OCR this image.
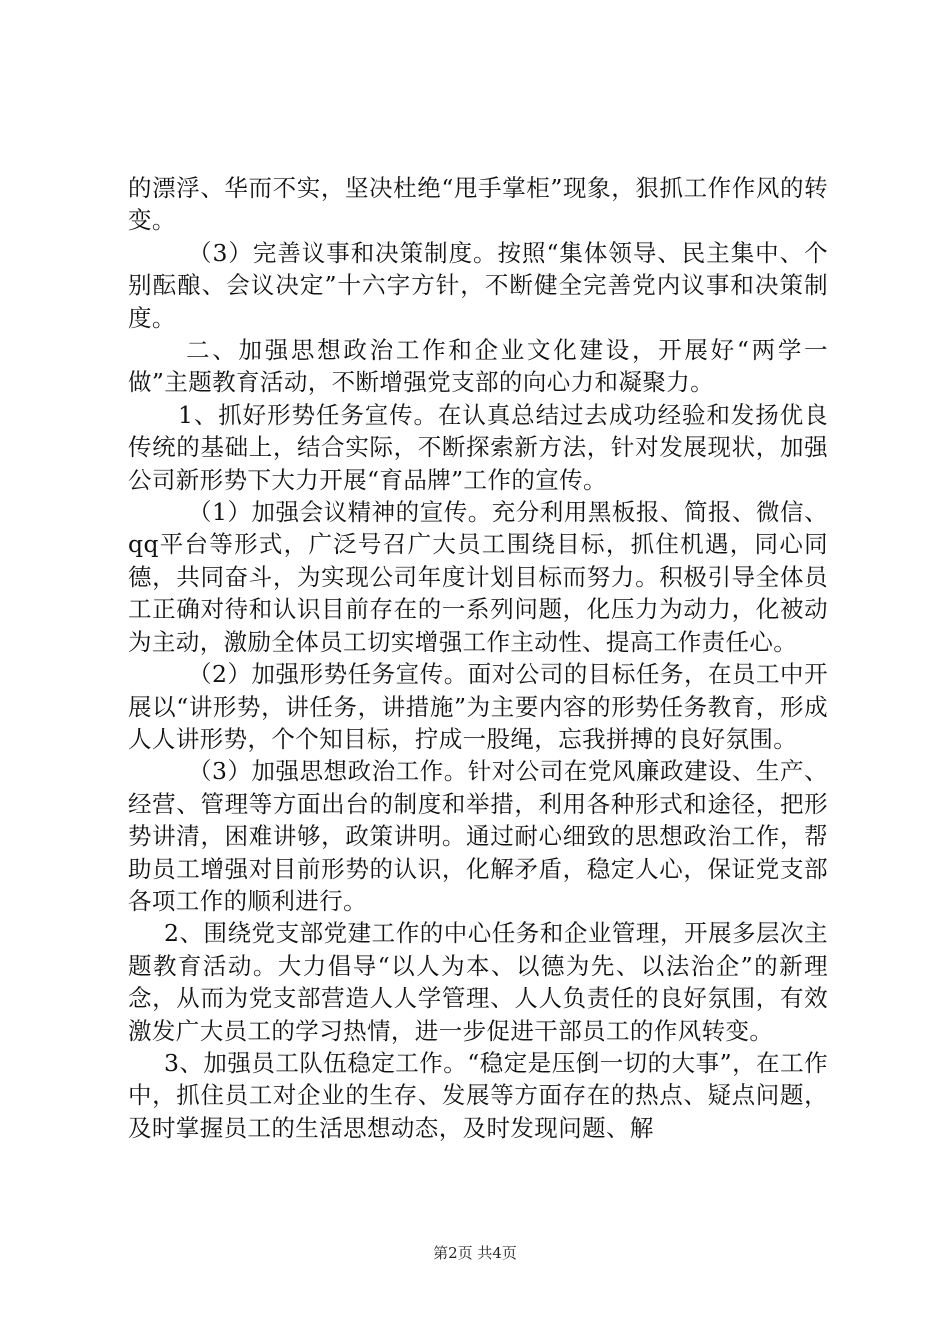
的漂浮、华而不实，坚决杜绝“甩手掌柜”现象，狠抓工作作风的转变。

（3）完善议事和决策制度。按照“集体领导、民主集中、个别酝酿、会议决定”十六字方针，不断健全完善党内议事和决策制度。

二、加强思想政治工作和企业文化建设，开展好“两学一做”主题教育活动，不断增强党支部的向心力和凝聚力。

1、抓好形势任务宣传。在认真总结过去成功经验和发扬优良传统的基础上，结合实际，不断探索新方法，针对发展现状，加强公司新形势下大力开展“育品牌”工作的宣传。

（1）加强会议精神的宣传。充分利用黑板报、简报、微信、qq平台等形式，广泛号召广大员工围绕目标，抓住机遇，同心同德，共同奋斗，为实现公司年度计划目标而努力。积极引导全体员工正确对待和认识目前存在的一系列问题，化压力为动力，化被动为主动，激励全体员工切实增强工作主动性、提高工作责任心。

（2）加强形势任务宣传。面对公司的目标任务，在员工中开展以“讲形势，讲任务，讲措施”为主要内容的形势任务教育，形成人人讲形势，个个知目标，拧成一股绳，忘我拼搏的良好氛围。

（3）加强思想政治工作。针对公司在党风廉政建设、生产、经营、管理等方面出台的制度和举措，利用各种形式和途径，把形势讲清，困难讲够，政策讲明。通过耐心细致的思想政治工作，帮助员工增强对目前形势的认识，化解矛盾，稳定人心，保证党支部各项工作的顺利进行。

2、围绕党支部党建工作的中心任务和企业管理，开展多层次主题教育活动。大力倡导“以人为本、以德为先、以法治企”的新理念，从而为党支部营造人人学管理、人人负责任的良好氛围，有效激发广大员工的学习热情，进一步促进干部员工的作风转变。

3、加强员工队伍稳定工作。“稳定是压倒一切的大事”，在工作中，抓住员工对企业的生存、发展等方面存在的热点、疑点问题，及时掌握员工的生活思想动态，及时发现问题、解

第2页 共4页
